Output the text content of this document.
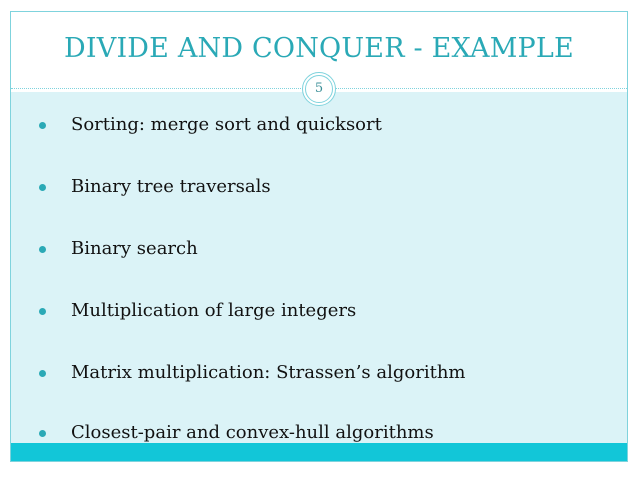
DIVIDE AND CONQUER - EXAMPLE
Sorting: merge sort and quicksort
Binary tree traversals
Binary search
Multiplication of large integers
Matrix multiplication: Strassen’s algorithm
Closest-pair and convex-hull algorithms
5
